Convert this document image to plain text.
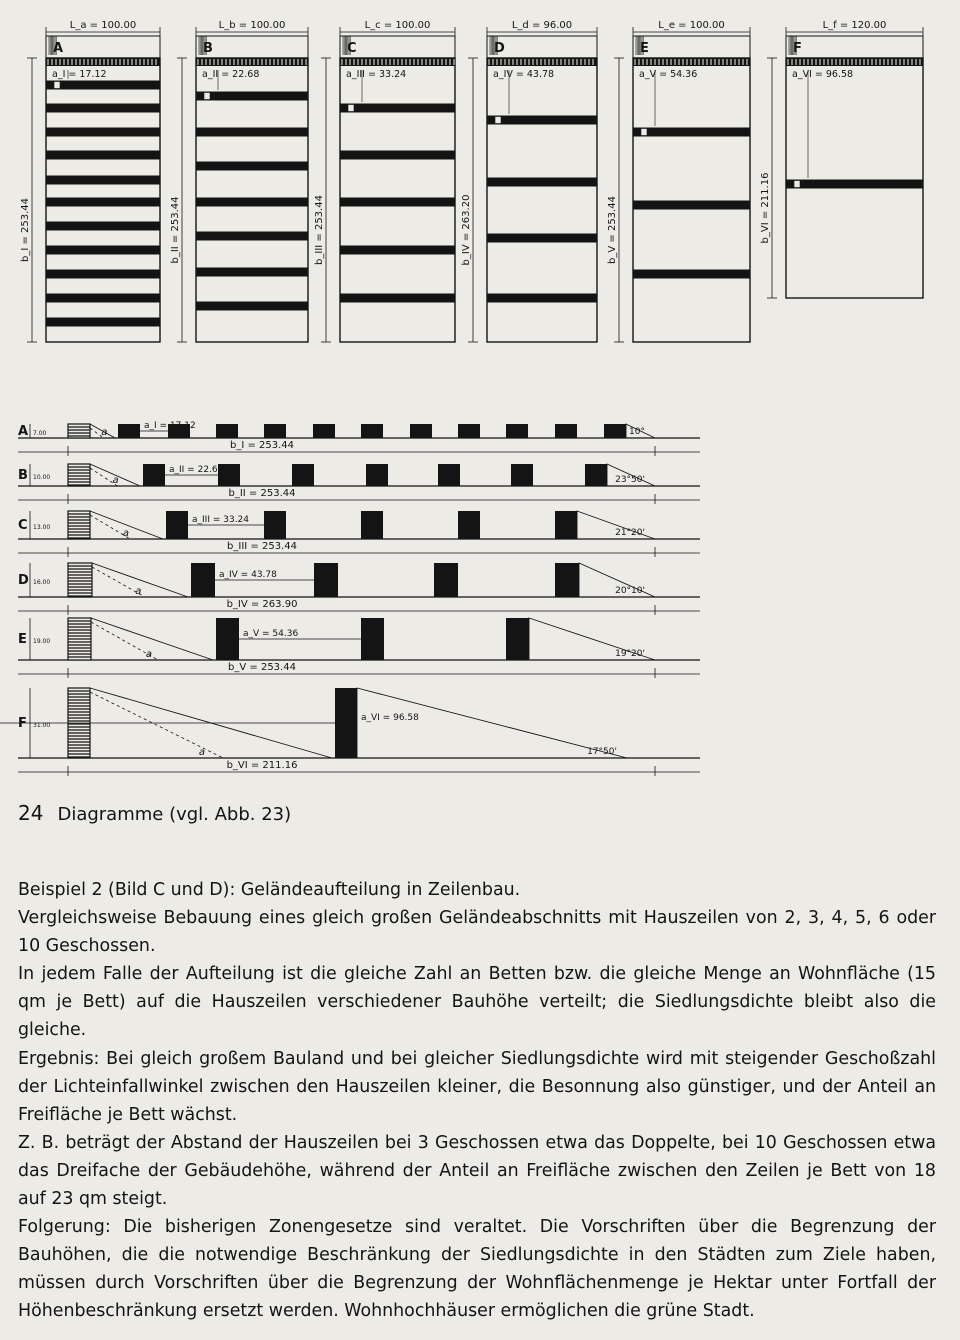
A
L_a = 100.00
b_I = 253.44
a_I = 17.12
B
L_b = 100.00
b_II = 253.44
a_II = 22.68
C
L_c = 100.00
b_III = 253.44
a_III = 33.24
D
L_d = 96.00
b_IV = 263.20
a_IV = 43.78
E
L_e = 100.00
b_V = 253.44
a_V = 54.36
F
L_f = 120.00
b_VI = 211.16
a_VI = 96.58
b_I = 253.44
A 7.00	a
a_I = 17.12
10°
b_II = 253.44
B 10.00	a
a_II = 22.68
23°50'
b_III = 253.44
C 13.00
a
a_III = 33.24
21°20'
b_IV = 263.90
D 16.00
a
a_IV = 43.78
20°10'
b_V = 253.44
E 19.00
a
a_V = 54.36
19°20'
b_VI = 211.16
F 31.00
a
a_VI = 96.58
17°50'
24 Diagramme (vgl. Abb. 23)

Beispiel 2 (Bild C und D): Geländeaufteilung in Zeilenbau.

Vergleichsweise Bebauung eines gleich großen Geländeabschnitts mit Hauszeilen von 2, 3, 4, 5, 6 oder 10 Geschossen.

In jedem Falle der Aufteilung ist die gleiche Zahl an Betten bzw. die gleiche Menge an Wohnfläche (15 qm je Bett) auf die Hauszeilen verschiedener Bauhöhe verteilt; die Siedlungsdichte bleibt also die gleiche.

Ergebnis: Bei gleich großem Bauland und bei gleicher Siedlungsdichte wird mit steigender Geschoßzahl der Lichteinfallwinkel zwischen den Hauszeilen kleiner, die Besonnung also günstiger, und der Anteil an Freifläche je Bett wächst.

Z. B. beträgt der Abstand der Hauszeilen bei 3 Geschossen etwa das Doppelte, bei 10 Geschossen etwa das Dreifache der Gebäudehöhe, während der Anteil an Freifläche zwischen den Zeilen je Bett von 18 auf 23 qm steigt.

Folgerung: Die bisherigen Zonengesetze sind veraltet. Die Vorschriften über die Begrenzung der Bauhöhen, die die notwendige Beschränkung der Siedlungsdichte in den Städten zum Ziele haben, müssen durch Vorschriften über die Begrenzung der Wohnflächenmenge je Hektar unter Fortfall der Höhenbeschränkung ersetzt werden. Wohnhochhäuser ermöglichen die grüne Stadt.
